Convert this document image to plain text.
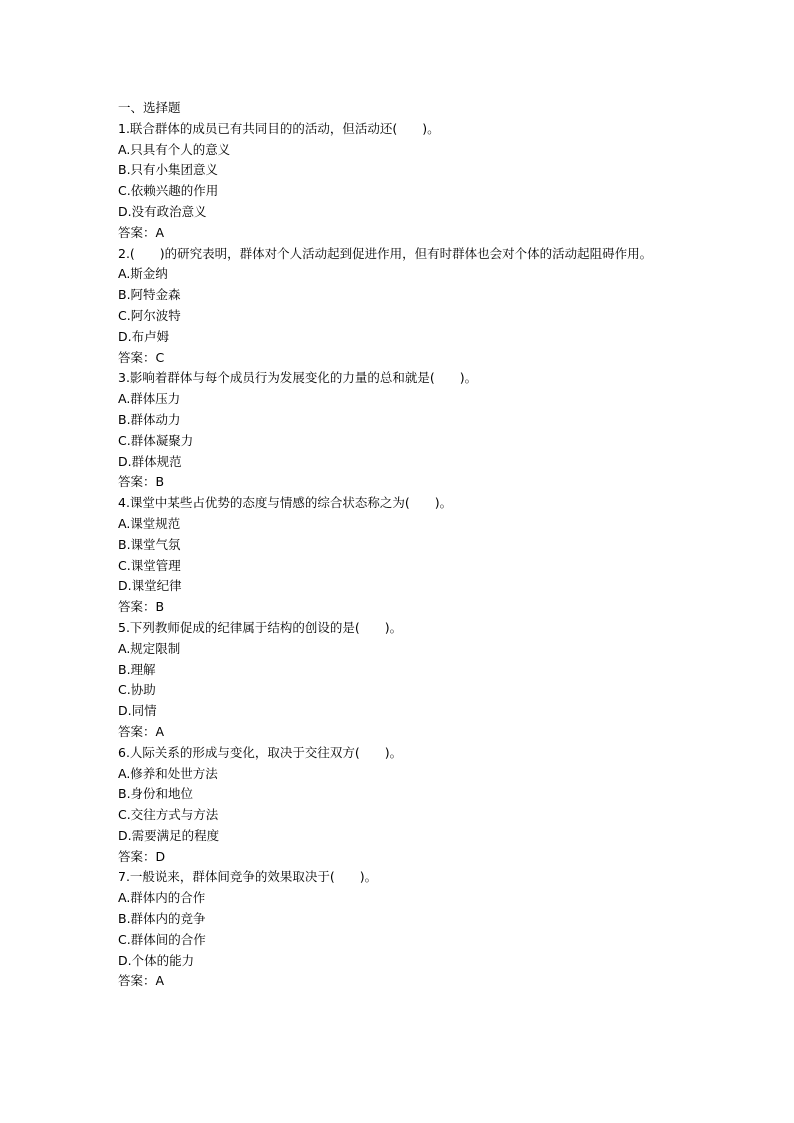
一、选择题
1.联合群体的成员已有共同目的的活动，但活动还(　　)。
A.只具有个人的意义
B.只有小集团意义
C.依赖兴趣的作用
D.没有政治意义
答案：A
2.(　　)的研究表明，群体对个人活动起到促进作用，但有时群体也会对个体的活动起阻碍作用。
A.斯金纳
B.阿特金森
C.阿尔波特
D.布卢姆
答案：C
3.影响着群体与每个成员行为发展变化的力量的总和就是(　　)。
A.群体压力
B.群体动力
C.群体凝聚力
D.群体规范
答案：B
4.课堂中某些占优势的态度与情感的综合状态称之为(　　)。
A.课堂规范
B.课堂气氛
C.课堂管理
D.课堂纪律
答案：B
5.下列教师促成的纪律属于结构的创设的是(　　)。
A.规定限制
B.理解
C.协助
D.同情
答案：A
6.人际关系的形成与变化，取决于交往双方(　　)。
A.修养和处世方法
B.身份和地位
C.交往方式与方法
D.需要满足的程度
答案：D
7.一般说来，群体间竞争的效果取决于(　　)。
A.群体内的合作
B.群体内的竞争
C.群体间的合作
D.个体的能力
答案：A
